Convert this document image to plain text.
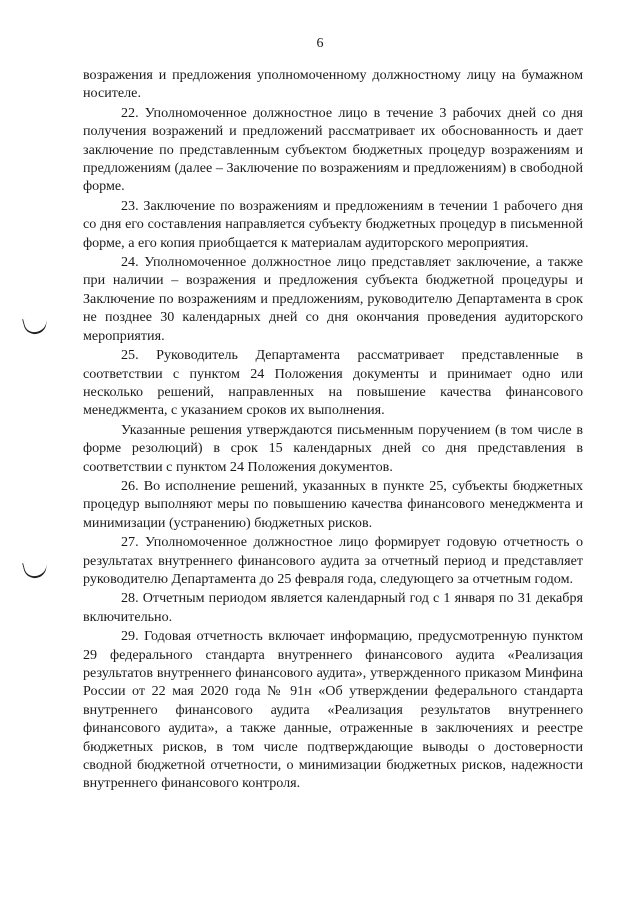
6

возражения и предложения уполномоченному должностному лицу на бумажном носителе.

22. Уполномоченное должностное лицо в течение 3 рабочих дней со дня получения возражений и предложений рассматривает их обоснованность и дает заключение по представленным субъектом бюджетных процедур возражениям и предложениям (далее – Заключение по возражениям и предложениям) в свободной форме.

23. Заключение по возражениям и предложениям в течении 1 рабочего дня со дня его составления направляется субъекту бюджетных процедур в письменной форме, а его копия приобщается к материалам аудиторского мероприятия.

24. Уполномоченное должностное лицо представляет заключение, а также при наличии – возражения и предложения субъекта бюджетной процедуры и Заключение по возражениям и предложениям, руководителю Департамента в срок не позднее 30 календарных дней со дня окончания проведения аудиторского мероприятия.

25. Руководитель Департамента рассматривает представленные в соответствии с пунктом 24 Положения документы и принимает одно или несколько решений, направленных на повышение качества финансового менеджмента, с указанием сроков их выполнения.

Указанные решения утверждаются письменным поручением (в том числе в форме резолюций) в срок 15 календарных дней со дня представления в соответствии с пунктом 24 Положения документов.

26. Во исполнение решений, указанных в пункте 25, субъекты бюджетных процедур выполняют меры по повышению качества финансового менеджмента и минимизации (устранению) бюджетных рисков.

27. Уполномоченное должностное лицо формирует годовую отчетность о результатах внутреннего финансового аудита за отчетный период и представляет руководителю Департамента до 25 февраля года, следующего за отчетным годом.

28. Отчетным периодом является календарный год с 1 января по 31 декабря включительно.

29. Годовая отчетность включает информацию, предусмотренную пунктом 29 федерального стандарта внутреннего финансового аудита «Реализация результатов внутреннего финансового аудита», утвержденного приказом Минфина России от 22 мая 2020 года № 91н «Об утверждении федерального стандарта внутреннего финансового аудита «Реализация результатов внутреннего финансового аудита», а также данные, отраженные в заключениях и реестре бюджетных рисков, в том числе подтверждающие выводы о достоверности сводной бюджетной отчетности, о минимизации бюджетных рисков, надежности внутреннего финансового контроля.
